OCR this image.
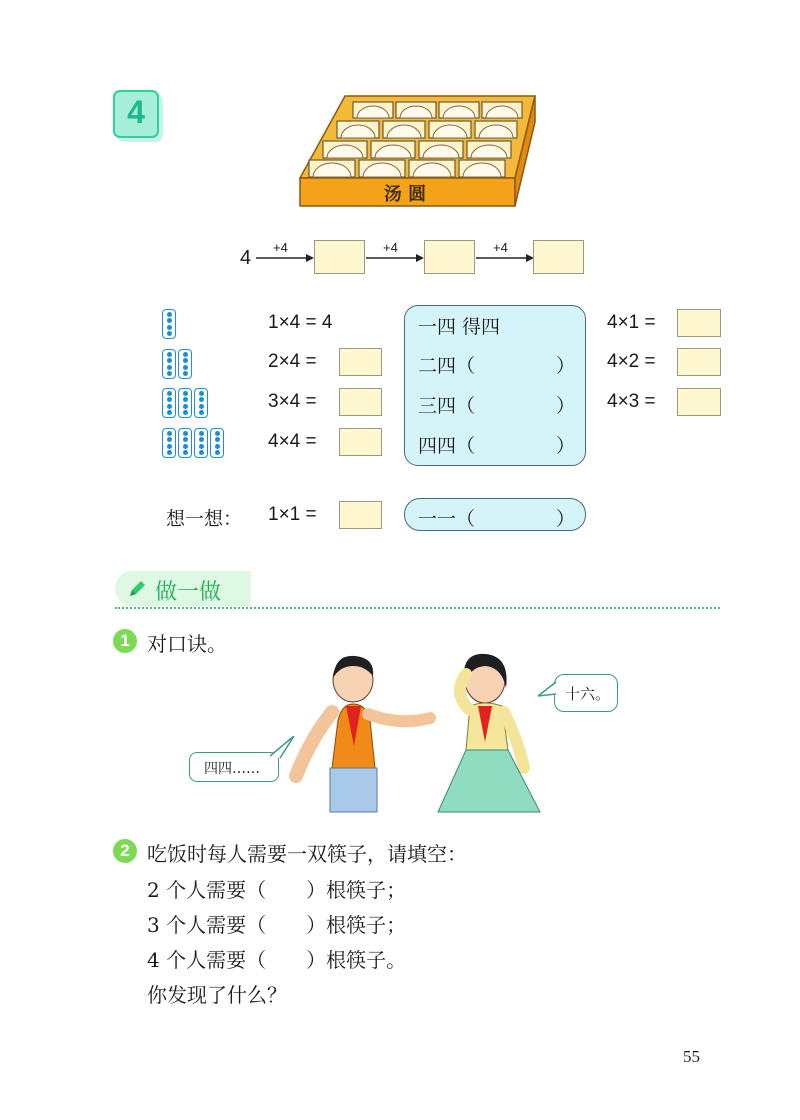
4
汤 圆
4 +4	+4	+4
1×4 = 4
2×4 =
3×4 =
4×4 =
一四 得四
二四（	）
三四（	）
四四（	）
4×1 =
4×2 =
4×3 =
想一想： 1×1 =	一一（	）
做一做
1 对口诀。
四四……
十六。
2 吃饭时每人需要一双筷子，请填空：
2 个人需要（　　）根筷子；
3 个人需要（　　）根筷子；
4 个人需要（　　）根筷子。
你发现了什么？
55
